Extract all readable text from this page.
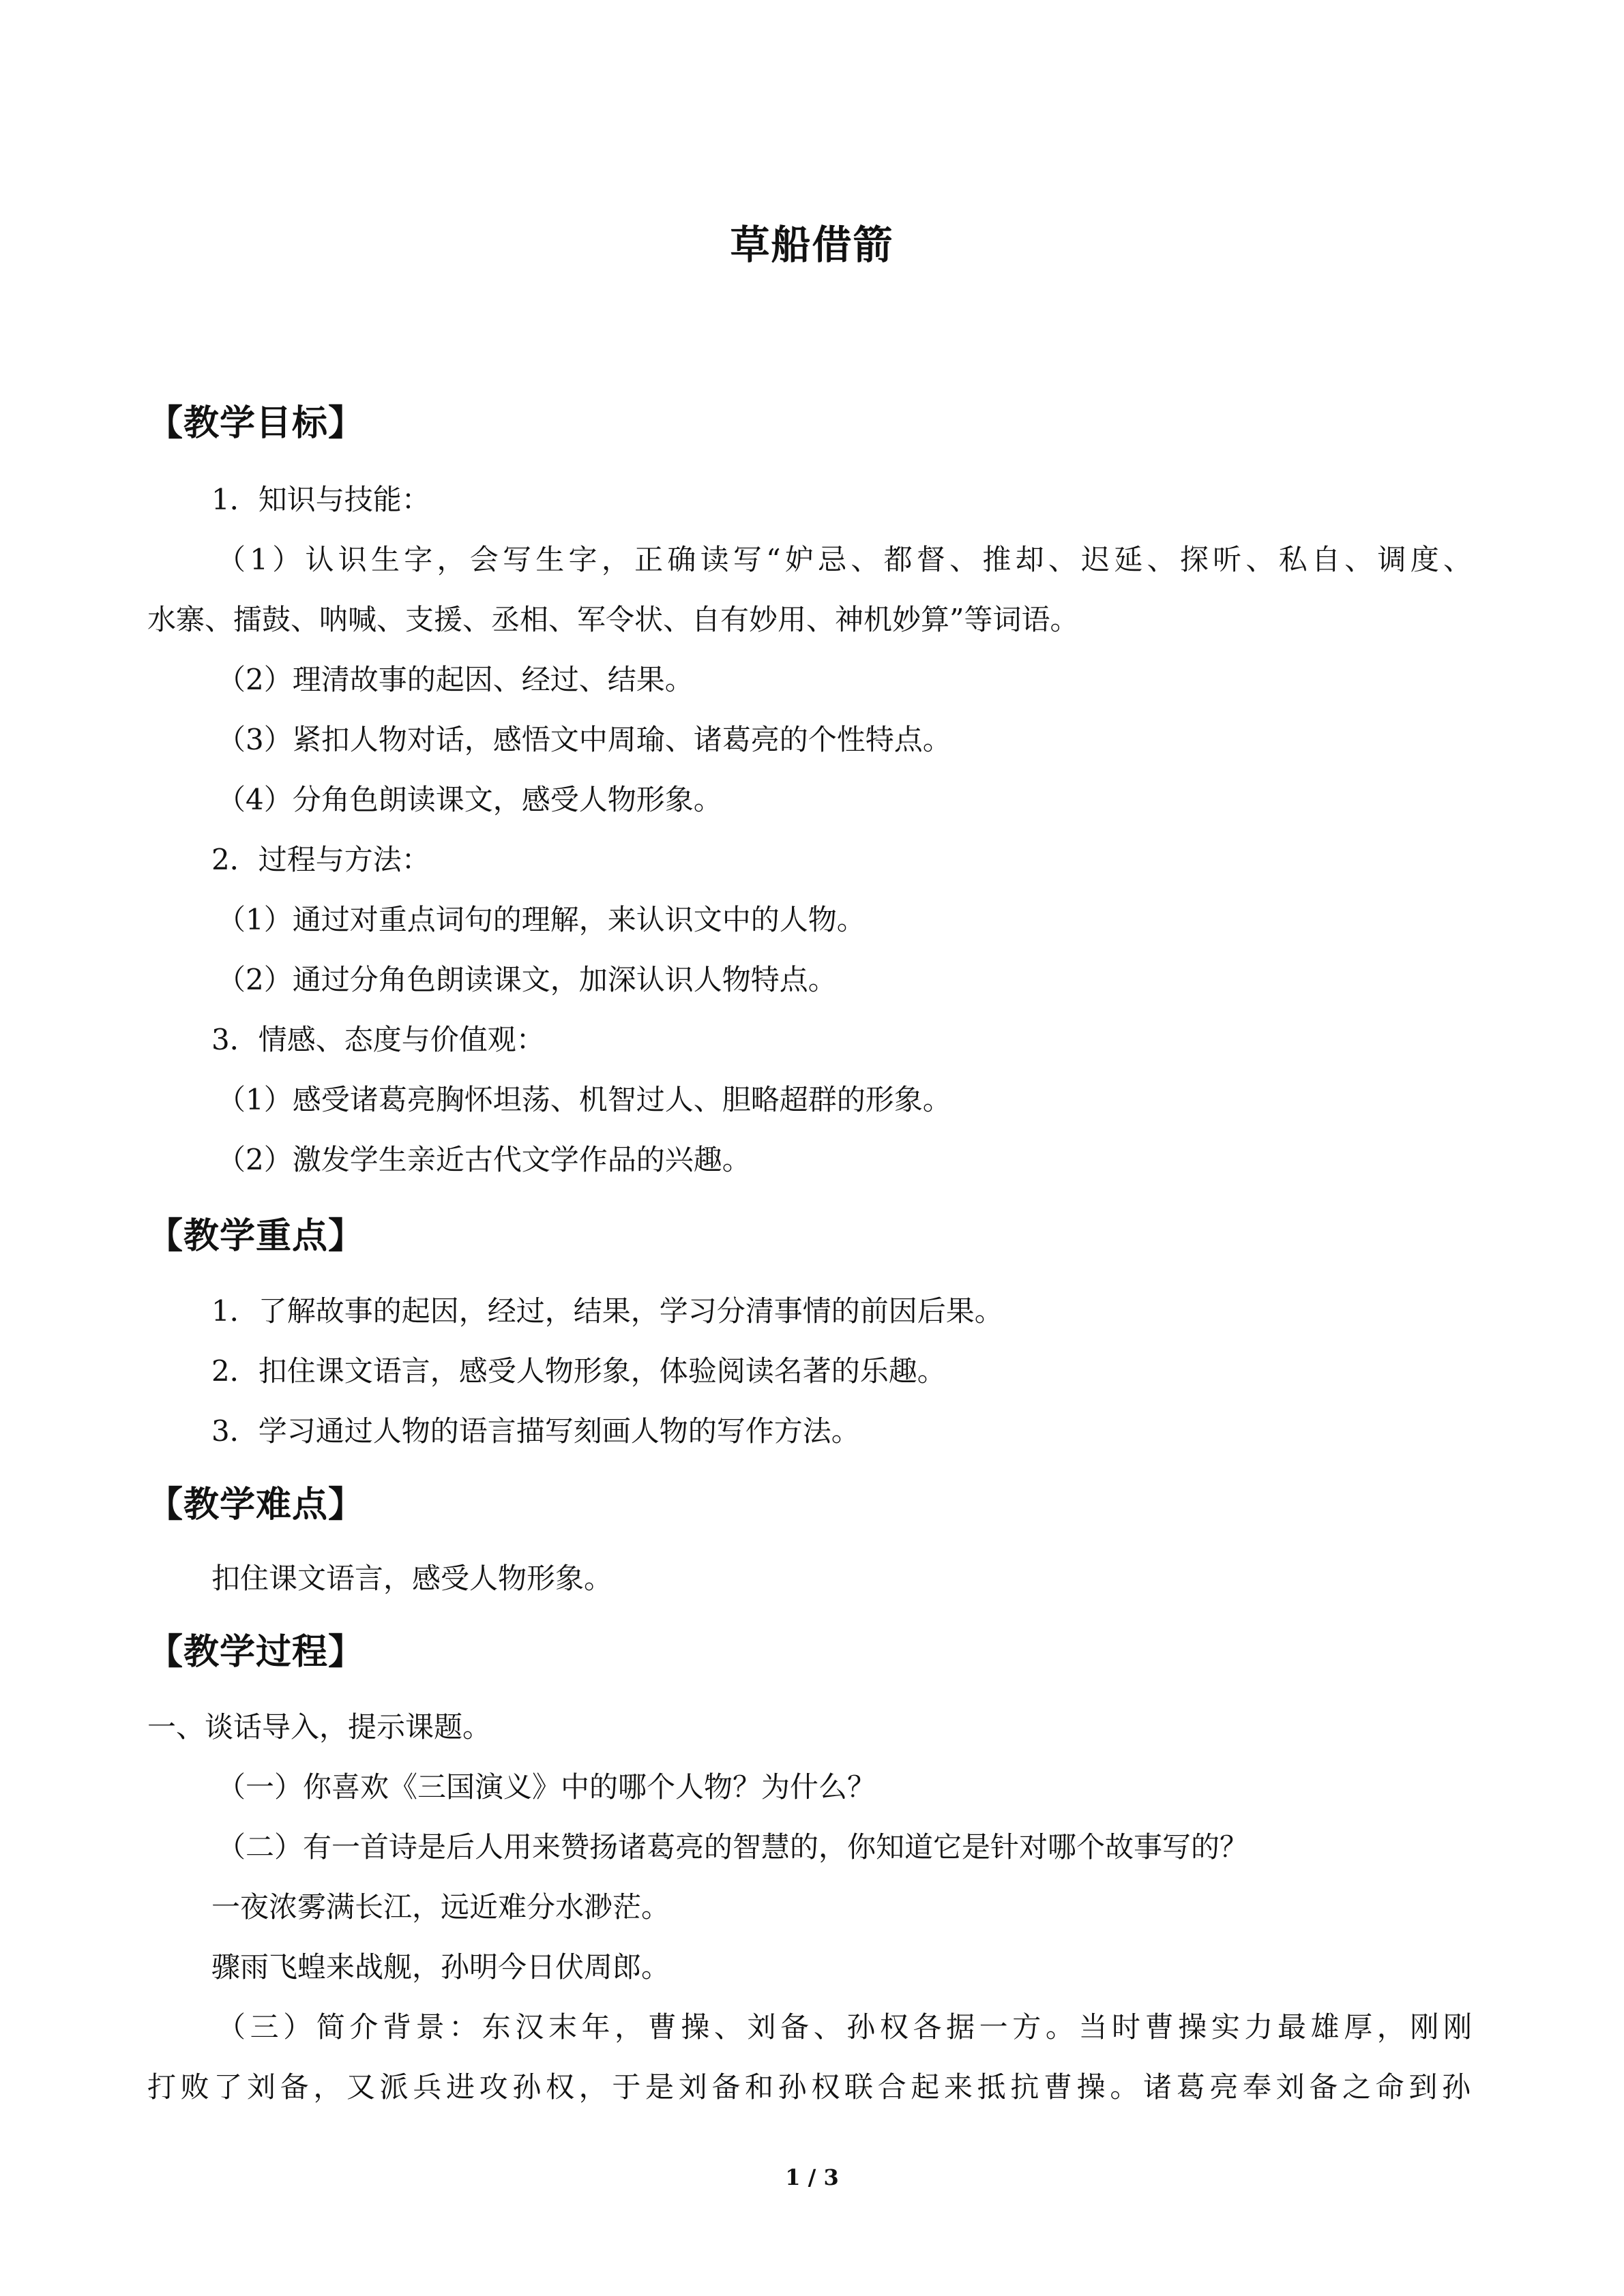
草船借箭
【教学目标】
1．知识与技能：
（1）认识生字，会写生字，正确读写“妒忌、都督、推却、迟延、探听、私自、调度、
水寨、擂鼓、呐喊、支援、丞相、军令状、自有妙用、神机妙算”等词语。
（2）理清故事的起因、经过、结果。
（3）紧扣人物对话，感悟文中周瑜、诸葛亮的个性特点。
（4）分角色朗读课文，感受人物形象。
2．过程与方法：
（1）通过对重点词句的理解，来认识文中的人物。
（2）通过分角色朗读课文，加深认识人物特点。
3．情感、态度与价值观：
（1）感受诸葛亮胸怀坦荡、机智过人、胆略超群的形象。
（2）激发学生亲近古代文学作品的兴趣。
【教学重点】
1．了解故事的起因，经过，结果，学习分清事情的前因后果。
2．扣住课文语言，感受人物形象，体验阅读名著的乐趣。
3．学习通过人物的语言描写刻画人物的写作方法。
【教学难点】
扣住课文语言，感受人物形象。
【教学过程】
一、谈话导入，提示课题。
（一）你喜欢《三国演义》中的哪个人物？为什么？
（二）有一首诗是后人用来赞扬诸葛亮的智慧的，你知道它是针对哪个故事写的？
一夜浓雾满长江，远近难分水渺茫。
骤雨飞蝗来战舰，孙明今日伏周郎。
（三）简介背景：东汉末年，曹操、刘备、孙权各据一方。当时曹操实力最雄厚，刚刚
打败了刘备，又派兵进攻孙权，于是刘备和孙权联合起来抵抗曹操。诸葛亮奉刘备之命到孙
1 / 3
